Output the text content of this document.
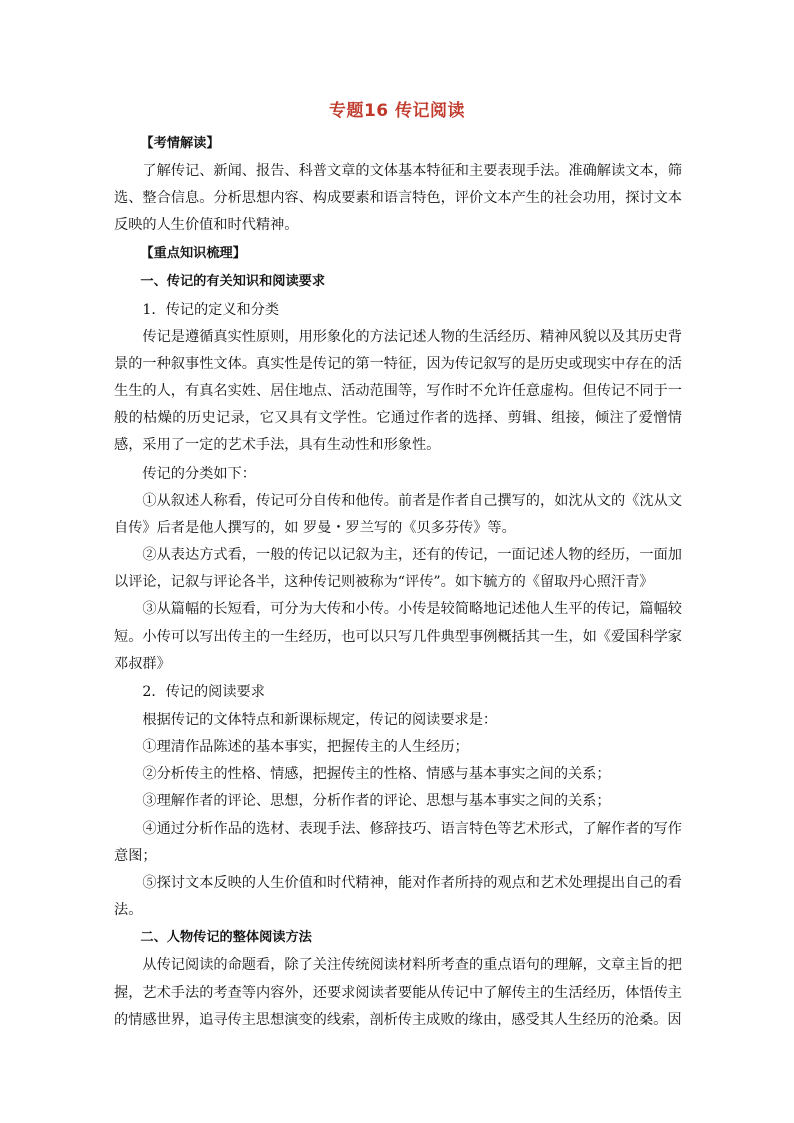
专题16 传记阅读

【考情解读】

了解传记、新闻、报告、科普文章的文体基本特征和主要表现手法。准确解读文本，筛选、整合信息。分析思想内容、构成要素和语言特色，评价文本产生的社会功用，探讨文本反映的人生价值和时代精神。

【重点知识梳理】

一、传记的有关知识和阅读要求

1．传记的定义和分类

传记是遵循真实性原则，用形象化的方法记述人物的生活经历、精神风貌以及其历史背景的一种叙事性文体。真实性是传记的第一特征，因为传记叙写的是历史或现实中存在的活生生的人，有真名实姓、居住地点、活动范围等，写作时不允许任意虚构。但传记不同于一般的枯燥的历史记录，它又具有文学性。它通过作者的选择、剪辑、组接，倾注了爱憎情感，采用了一定的艺术手法，具有生动性和形象性。

传记的分类如下：

①从叙述人称看，传记可分自传和他传。前者是作者自己撰写的，如沈从文的《沈从文自传》后者是他人撰写的，如 罗曼・罗兰写的《贝多芬传》等。

②从表达方式看，一般的传记以记叙为主，还有的传记，一面记述人物的经历，一面加以评论，记叙与评论各半，这种传记则被称为“评传”。如卞毓方的《留取丹心照汗青》

③从篇幅的长短看，可分为大传和小传。小传是较简略地记述他人生平的传记，篇幅较短。小传可以写出传主的一生经历，也可以只写几件典型事例概括其一生，如《爱国科学家邓叔群》

2．传记的阅读要求

根据传记的文体特点和新课标规定，传记的阅读要求是：

①理清作品陈述的基本事实，把握传主的人生经历；

②分析传主的性格、情感，把握传主的性格、情感与基本事实之间的关系；

③理解作者的评论、思想，分析作者的评论、思想与基本事实之间的关系；

④通过分析作品的选材、表现手法、修辞技巧、语言特色等艺术形式，了解作者的写作意图；

⑤探讨文本反映的人生价值和时代精神，能对作者所持的观点和艺术处理提出自己的看法。

二、人物传记的整体阅读方法

从传记阅读的命题看，除了关注传统阅读材料所考查的重点语句的理解，文章主旨的把握，艺术手法的考查等内容外，还要求阅读者要能从传记中了解传主的生活经历，体悟传主的情感世界，追寻传主思想演变的线索，剖析传主成败的缘由，感受其人生经历的沧桑。因
